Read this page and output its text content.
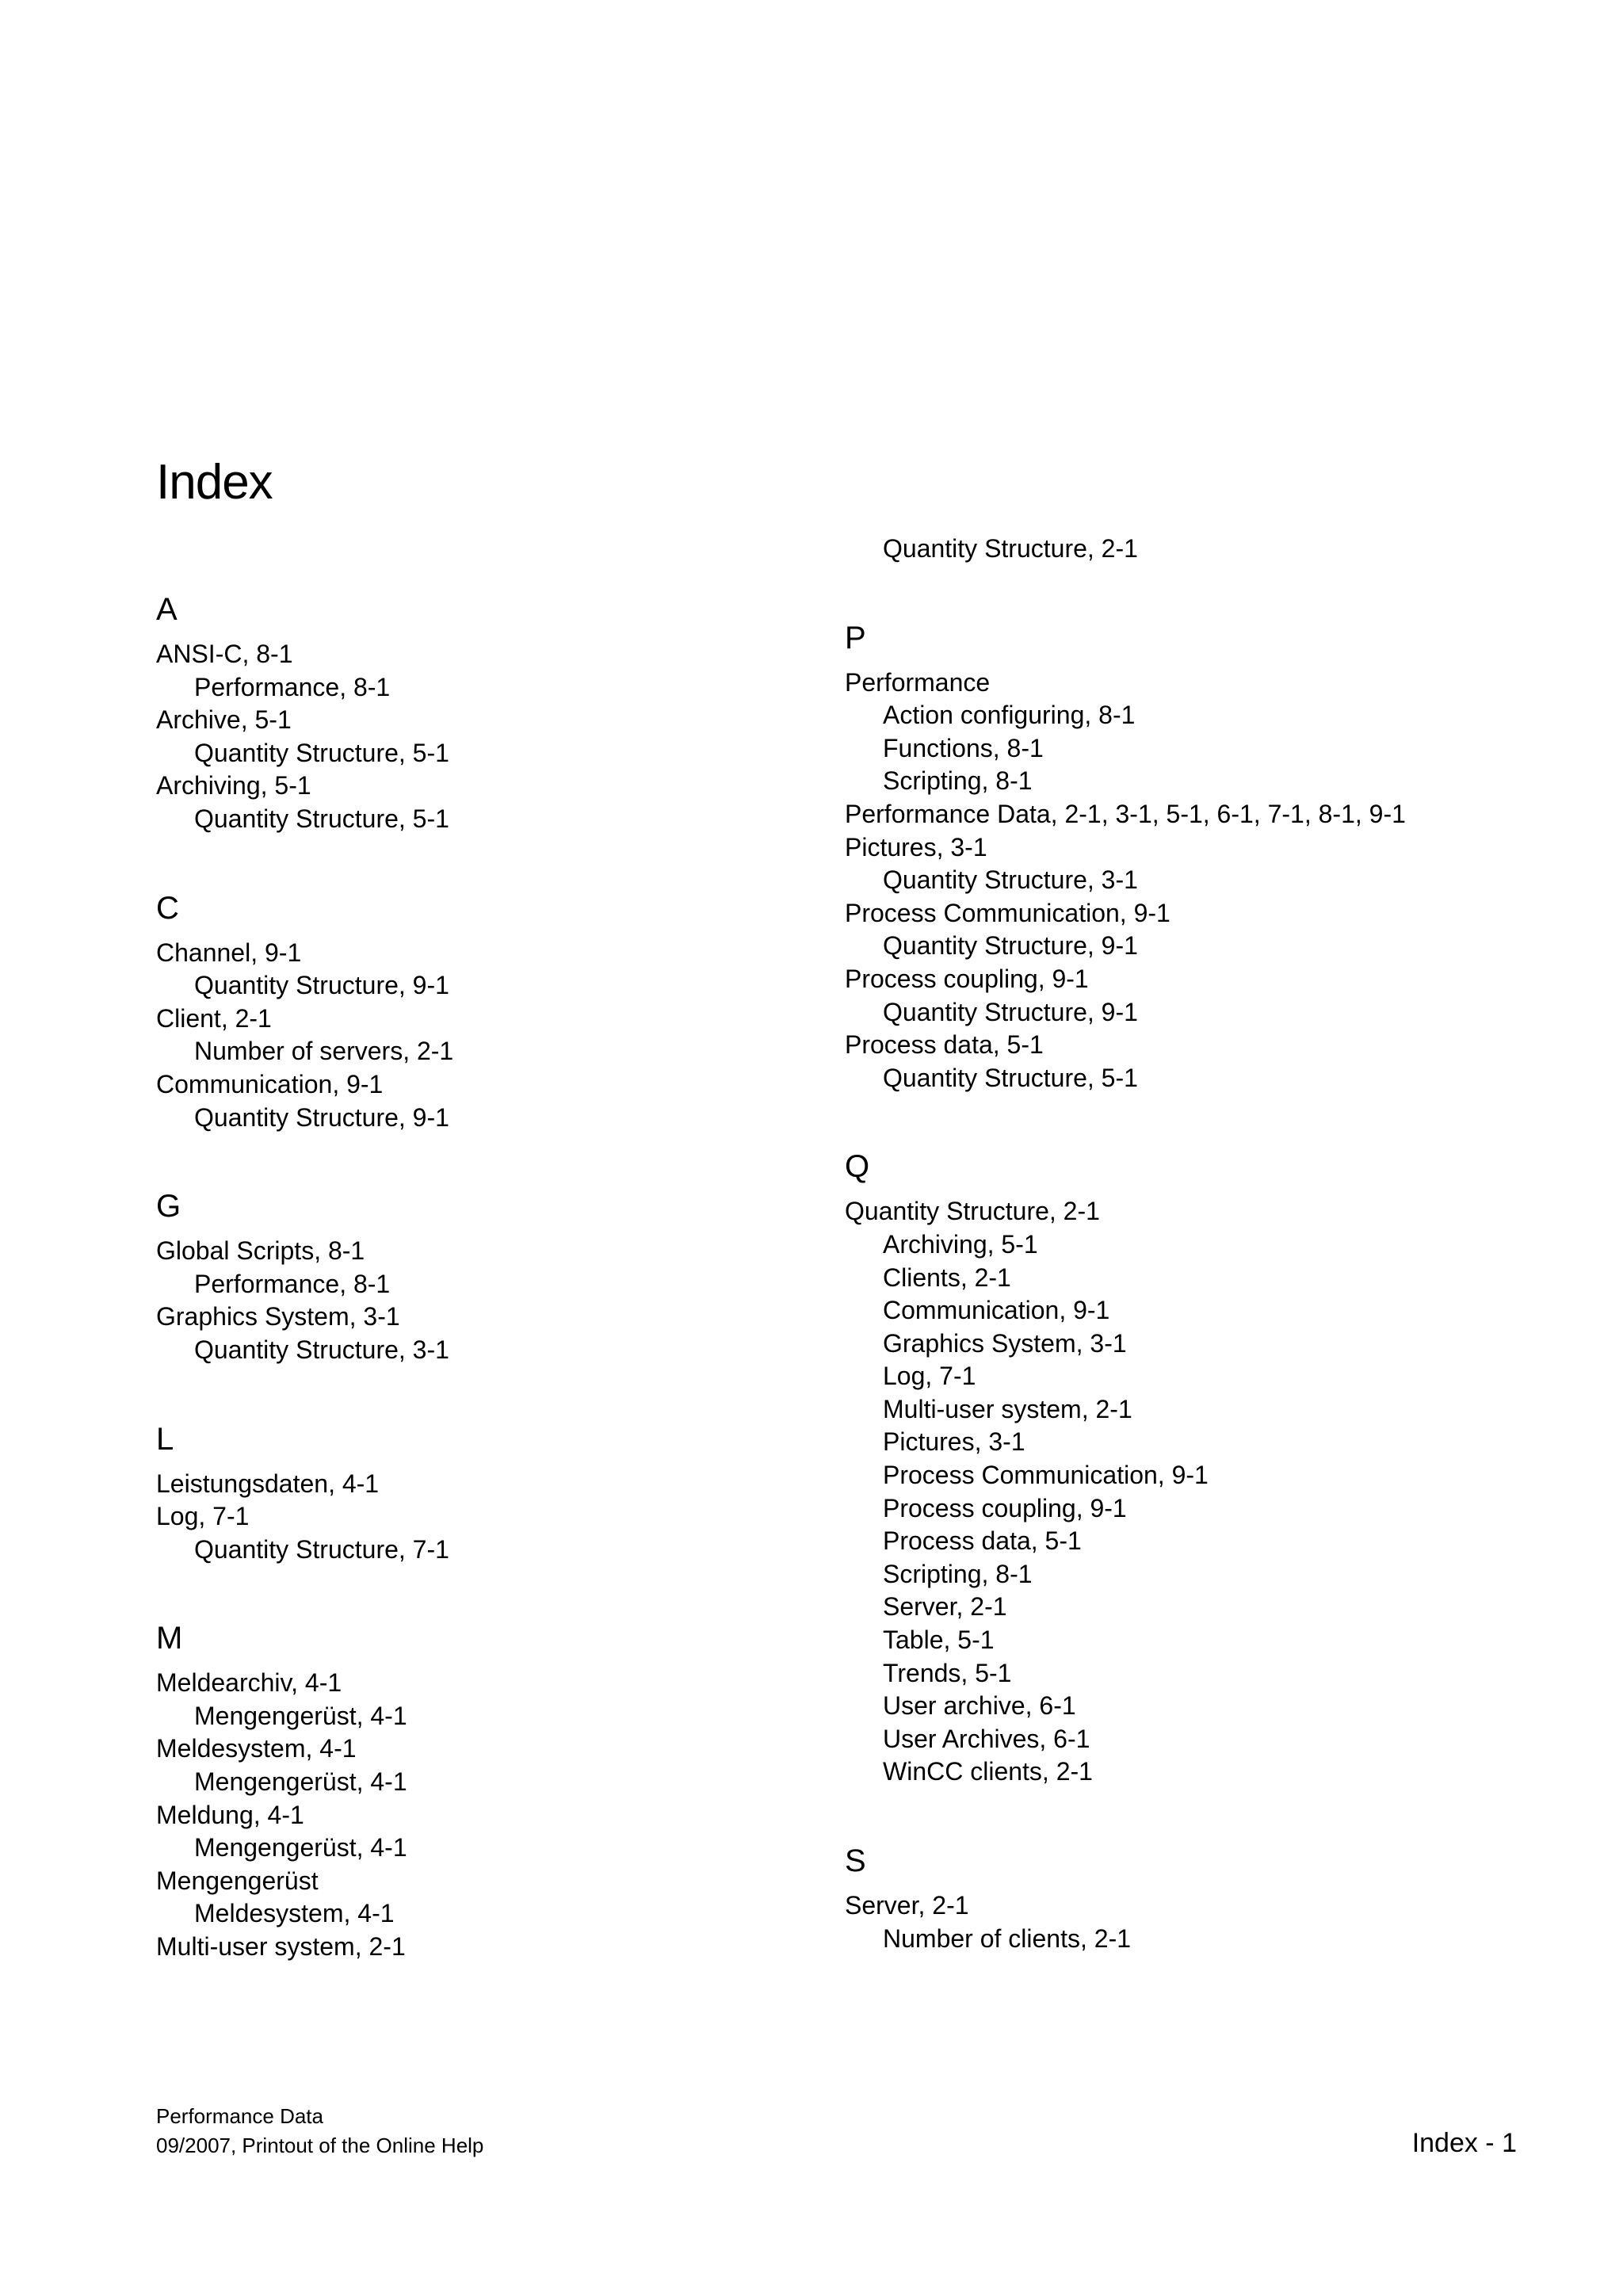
Index
A
ANSI-C, 8-1
Performance, 8-1
Archive, 5-1
Quantity Structure, 5-1
Archiving, 5-1
Quantity Structure, 5-1
C
Channel, 9-1
Quantity Structure, 9-1
Client, 2-1
Number of servers, 2-1
Communication, 9-1
Quantity Structure, 9-1
G
Global Scripts, 8-1
Performance, 8-1
Graphics System, 3-1
Quantity Structure, 3-1
L
Leistungsdaten, 4-1
Log, 7-1
Quantity Structure, 7-1
M
Meldearchiv, 4-1
Mengengerüst, 4-1
Meldesystem, 4-1
Mengengerüst, 4-1
Meldung, 4-1
Mengengerüst, 4-1
Mengengerüst
Meldesystem, 4-1
Multi-user system, 2-1
Quantity Structure, 2-1
P
Performance
Action configuring, 8-1
Functions, 8-1
Scripting, 8-1
Performance Data, 2-1, 3-1, 5-1, 6-1, 7-1, 8-1, 9-1
Pictures, 3-1
Quantity Structure, 3-1
Process Communication, 9-1
Quantity Structure, 9-1
Process coupling, 9-1
Quantity Structure, 9-1
Process data, 5-1
Quantity Structure, 5-1
Q
Quantity Structure, 2-1
Archiving, 5-1
Clients, 2-1
Communication, 9-1
Graphics System, 3-1
Log, 7-1
Multi-user system, 2-1
Pictures, 3-1
Process Communication, 9-1
Process coupling, 9-1
Process data, 5-1
Scripting, 8-1
Server, 2-1
Table, 5-1
Trends, 5-1
User archive, 6-1
User Archives, 6-1
WinCC clients, 2-1
S
Server, 2-1
Number of clients, 2-1
Performance Data
09/2007, Printout of the Online Help	Index - 1
